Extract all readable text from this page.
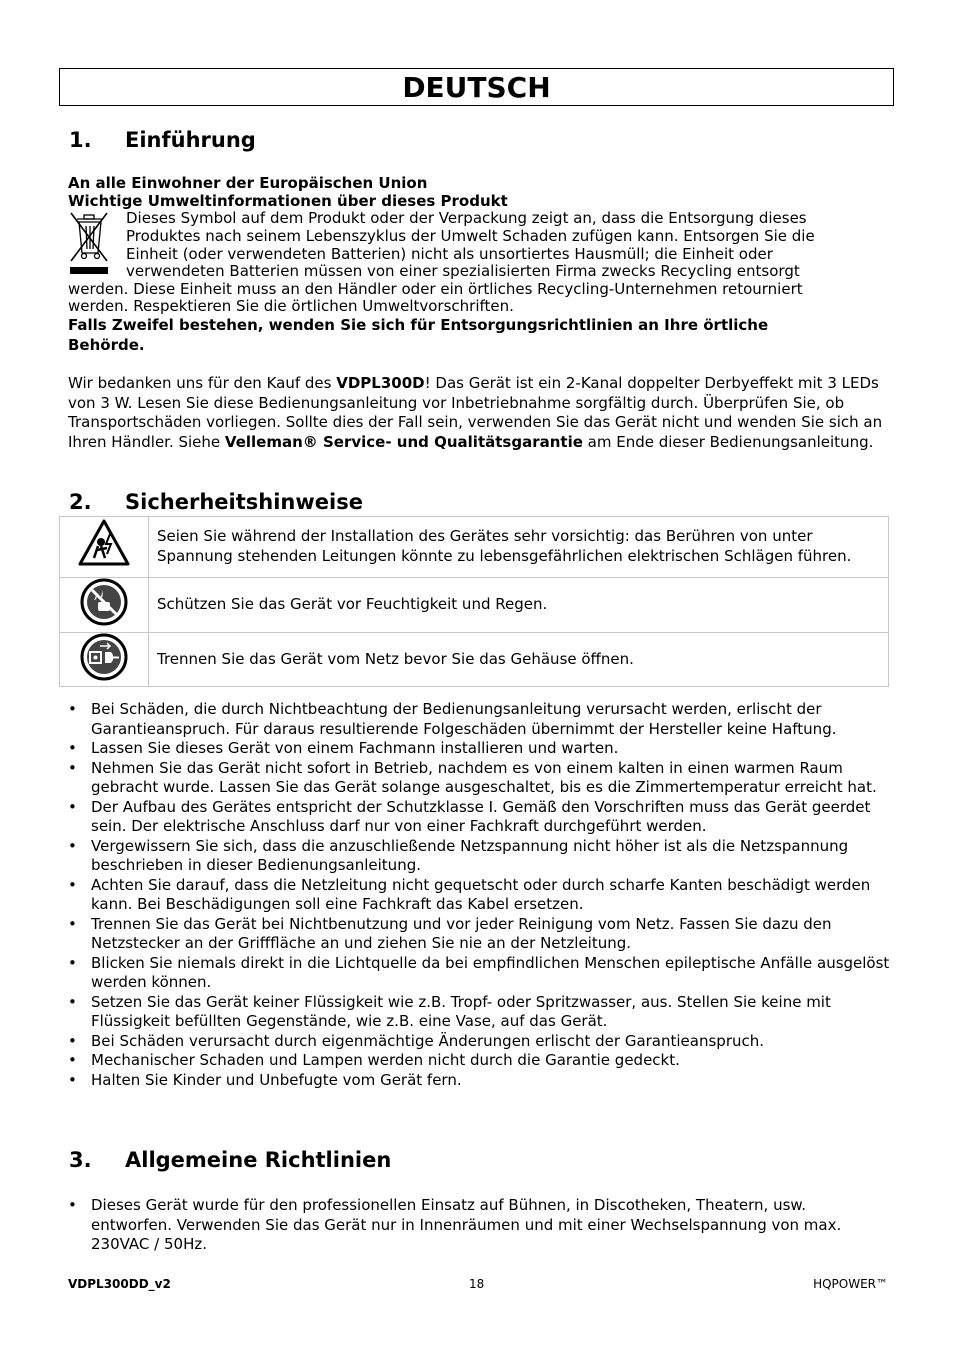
DEUTSCH
1. Einführung
An alle Einwohner der Europäischen Union
Wichtige Umweltinformationen über dieses Produkt
Dieses Symbol auf dem Produkt oder der Verpackung zeigt an, dass die Entsorgung dieses
Produktes nach seinem Lebenszyklus der Umwelt Schaden zufügen kann. Entsorgen Sie die
Einheit (oder verwendeten Batterien) nicht als unsortiertes Hausmüll; die Einheit oder
verwendeten Batterien müssen von einer spezialisierten Firma zwecks Recycling entsorgt
werden. Diese Einheit muss an den Händler oder ein örtliches Recycling-Unternehmen retourniert
werden. Respektieren Sie die örtlichen Umweltvorschriften.
Falls Zweifel bestehen, wenden Sie sich für Entsorgungsrichtlinien an Ihre örtliche
Behörde.
Wir bedanken uns für den Kauf des VDPL300D! Das Gerät ist ein 2-Kanal doppelter Derbyeffekt mit 3 LEDs von 3 W. Lesen Sie diese Bedienungsanleitung vor Inbetriebnahme sorgfältig durch. Überprüfen Sie, ob Transportschäden vorliegen. Sollte dies der Fall sein, verwenden Sie das Gerät nicht und wenden Sie sich an Ihren Händler. Siehe Velleman® Service- und Qualitätsgarantie am Ende dieser Bedienungsanleitung.
2. Sicherheitshinweise
	Seien Sie während der Installation des Gerätes sehr vorsichtig: das Berühren von unter Spannung stehenden Leitungen könnte zu lebensgefährlichen elektrischen Schlägen führen.
	Schützen Sie das Gerät vor Feuchtigkeit und Regen.
	Trennen Sie das Gerät vom Netz bevor Sie das Gehäuse öffnen.
• Bei Schäden, die durch Nichtbeachtung der Bedienungsanleitung verursacht werden, erlischt der Garantieanspruch. Für daraus resultierende Folgeschäden übernimmt der Hersteller keine Haftung.
• Lassen Sie dieses Gerät von einem Fachmann installieren und warten.
• Nehmen Sie das Gerät nicht sofort in Betrieb, nachdem es von einem kalten in einen warmen Raum gebracht wurde. Lassen Sie das Gerät solange ausgeschaltet, bis es die Zimmertemperatur erreicht hat.
• Der Aufbau des Gerätes entspricht der Schutzklasse I. Gemäß den Vorschriften muss das Gerät geerdet sein. Der elektrische Anschluss darf nur von einer Fachkraft durchgeführt werden.
• Vergewissern Sie sich, dass die anzuschließende Netzspannung nicht höher ist als die Netzspannung beschrieben in dieser Bedienungsanleitung.
• Achten Sie darauf, dass die Netzleitung nicht gequetscht oder durch scharfe Kanten beschädigt werden kann. Bei Beschädigungen soll eine Fachkraft das Kabel ersetzen.
• Trennen Sie das Gerät bei Nichtbenutzung und vor jeder Reinigung vom Netz. Fassen Sie dazu den Netzstecker an der Grifffläche an und ziehen Sie nie an der Netzleitung.
• Blicken Sie niemals direkt in die Lichtquelle da bei empfindlichen Menschen epileptische Anfälle ausgelöst werden können.
• Setzen Sie das Gerät keiner Flüssigkeit wie z.B. Tropf- oder Spritzwasser, aus. Stellen Sie keine mit Flüssigkeit befüllten Gegenstände, wie z.B. eine Vase, auf das Gerät.
• Bei Schäden verursacht durch eigenmächtige Änderungen erlischt der Garantieanspruch.
• Mechanischer Schaden und Lampen werden nicht durch die Garantie gedeckt.
• Halten Sie Kinder und Unbefugte vom Gerät fern.
3. Allgemeine Richtlinien
• Dieses Gerät wurde für den professionellen Einsatz auf Bühnen, in Discotheken, Theatern, usw. entworfen. Verwenden Sie das Gerät nur in Innenräumen und mit einer Wechselspannung von max. 230VAC / 50Hz.
VDPL300DD_v2	18	HQPOWER™
